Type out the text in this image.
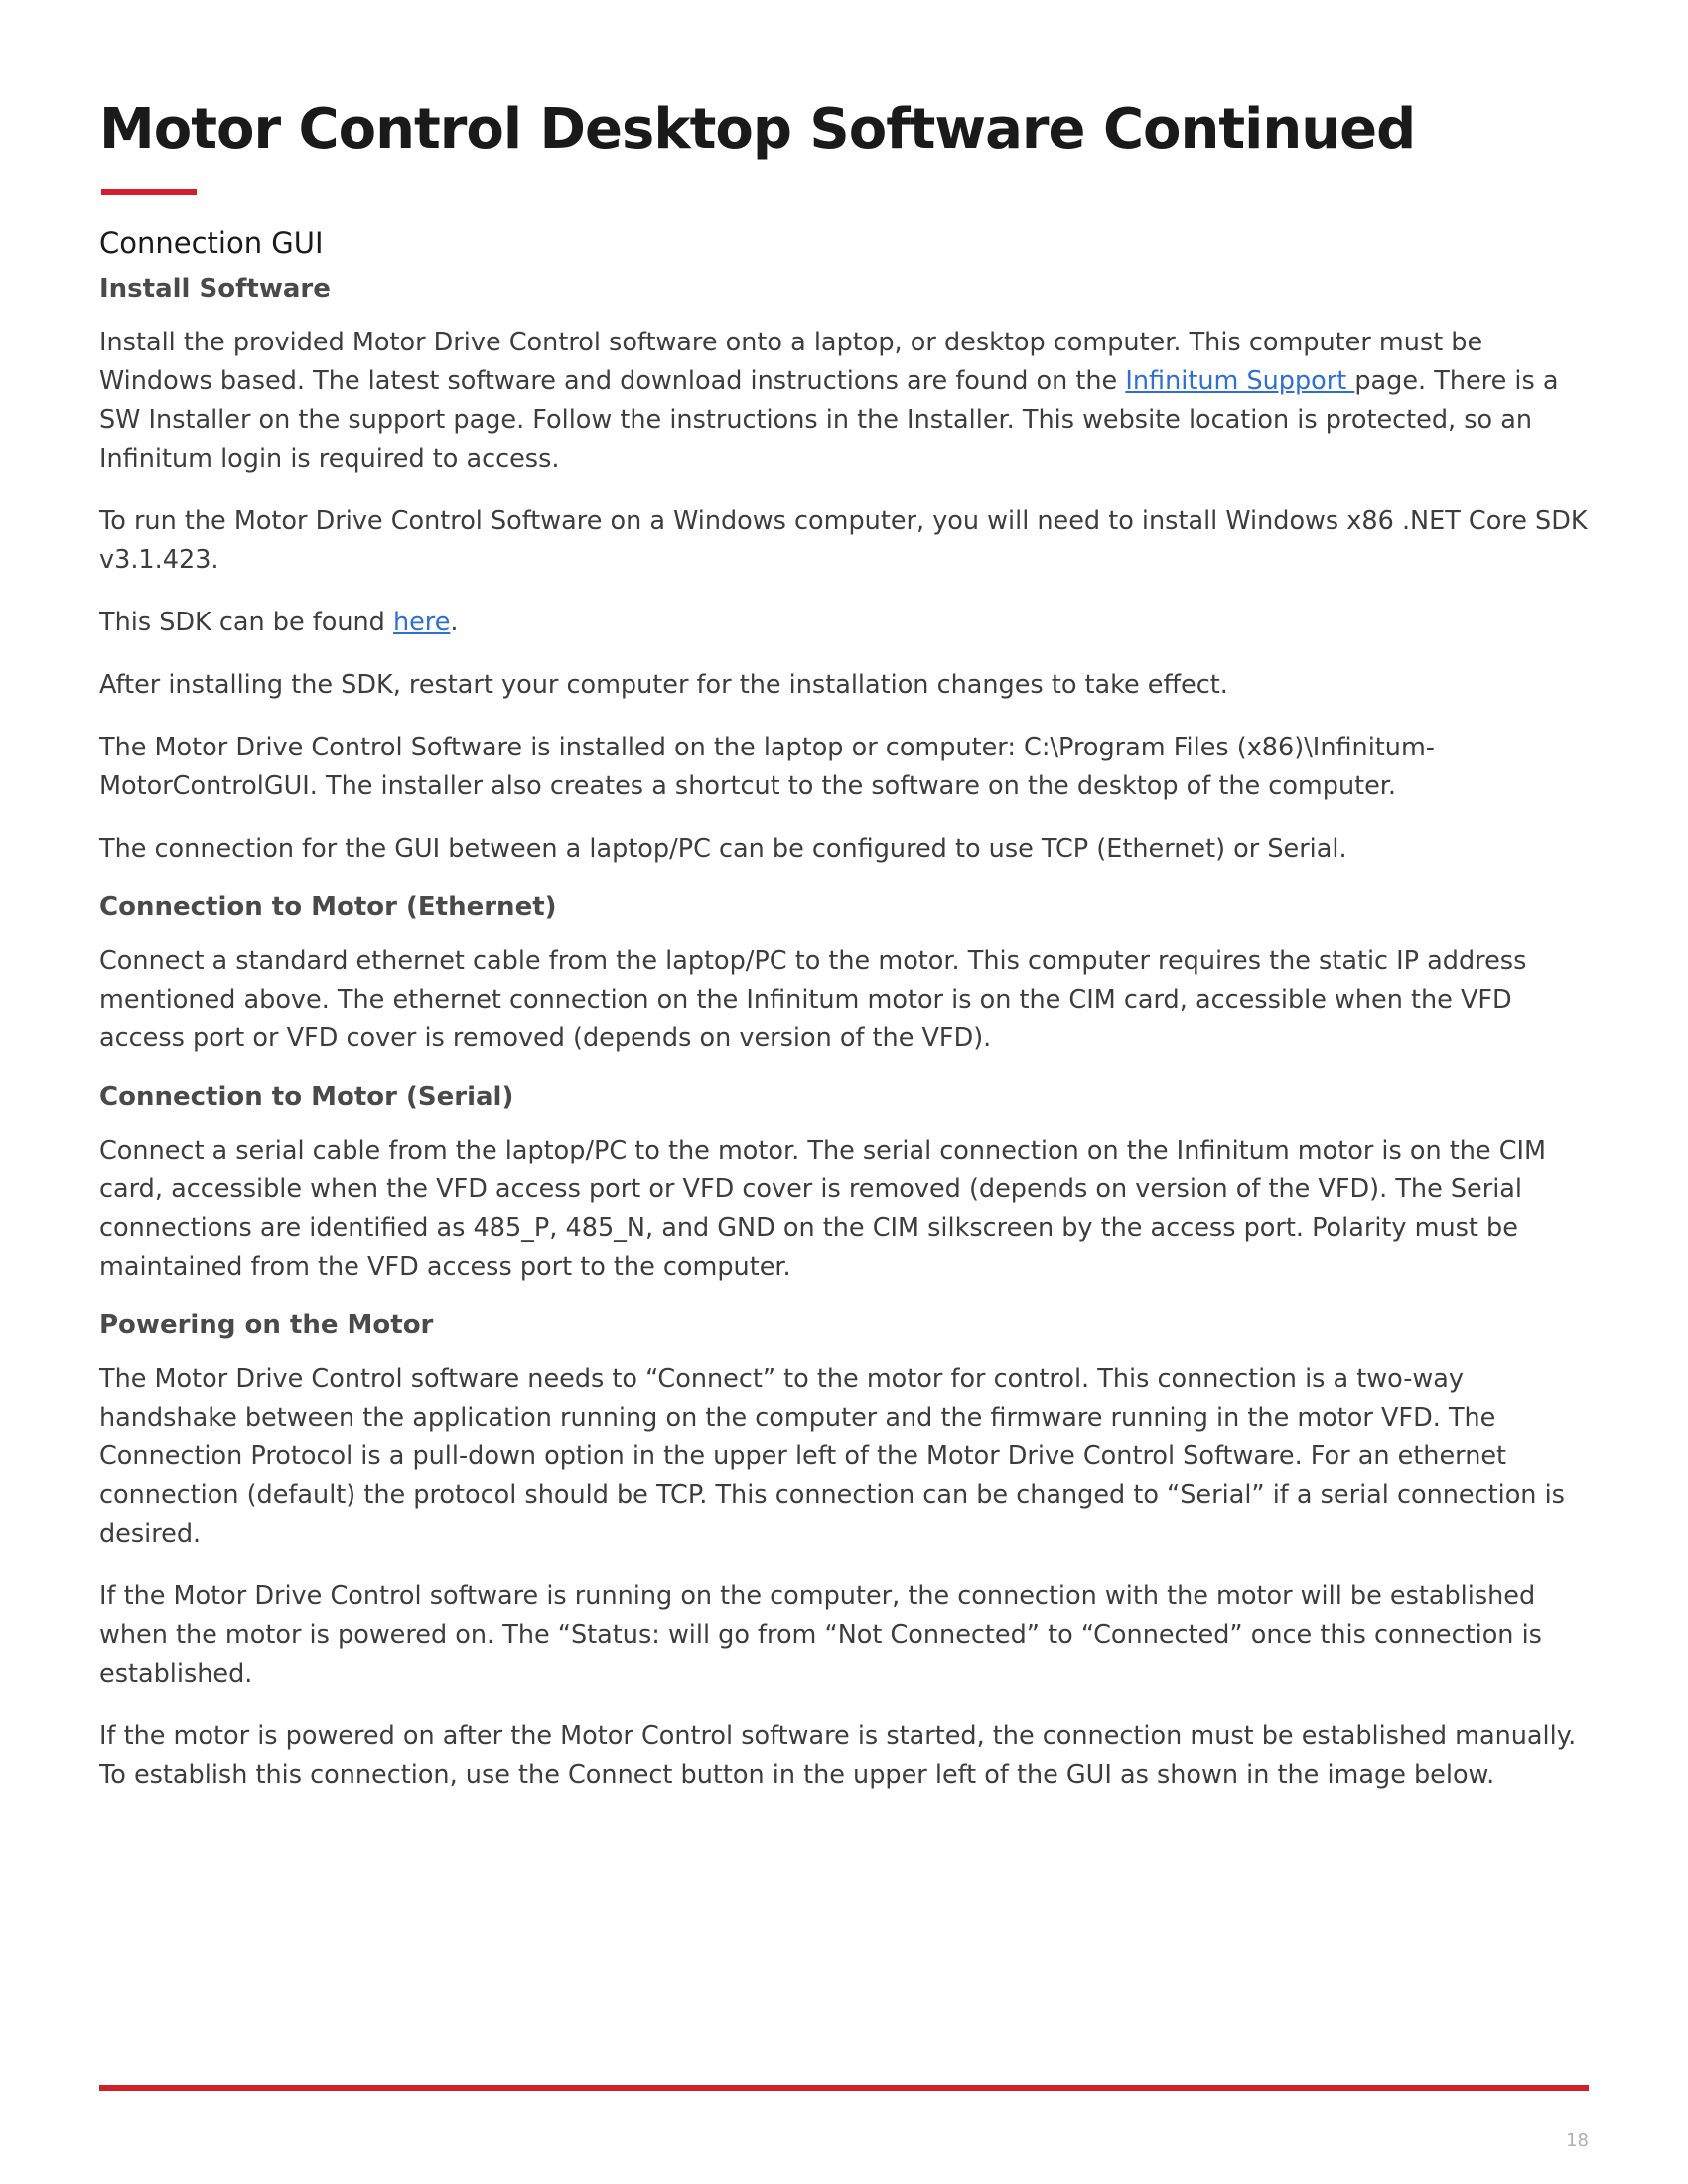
Motor Control Desktop Software Continued
Connection GUI
Install Software

Install the provided Motor Drive Control software onto a laptop, or desktop computer. This computer must be Windows based. The latest software and download instructions are found on the Infinitum Support page. There is a SW Installer on the support page. Follow the instructions in the Installer. This website location is protected, so an Infinitum login is required to access.

To run the Motor Drive Control Software on a Windows computer, you will need to install Windows x86 .NET Core SDK v3.1.423.

This SDK can be found here.

After installing the SDK, restart your computer for the installation changes to take effect.

The Motor Drive Control Software is installed on the laptop or computer: C:\Program Files (x86)\Infinitum-MotorControlGUI. The installer also creates a shortcut to the software on the desktop of the computer.

The connection for the GUI between a laptop/PC can be configured to use TCP (Ethernet) or Serial.

Connection to Motor (Ethernet)

Connect a standard ethernet cable from the laptop/PC to the motor. This computer requires the static IP address mentioned above. The ethernet connection on the Infinitum motor is on the CIM card, accessible when the VFD access port or VFD cover is removed (depends on version of the VFD).

Connection to Motor (Serial)

Connect a serial cable from the laptop/PC to the motor. The serial connection on the Infinitum motor is on the CIM card, accessible when the VFD access port or VFD cover is removed (depends on version of the VFD). The Serial connections are identified as 485_P, 485_N, and GND on the CIM silkscreen by the access port. Polarity must be maintained from the VFD access port to the computer.

Powering on the Motor

The Motor Drive Control software needs to “Connect” to the motor for control. This connection is a two-way handshake between the application running on the computer and the firmware running in the motor VFD. The Connection Protocol is a pull-down option in the upper left of the Motor Drive Control Software. For an ethernet connection (default) the protocol should be TCP. This connection can be changed to “Serial” if a serial connection is desired.

If the Motor Drive Control software is running on the computer, the connection with the motor will be established when the motor is powered on. The “Status: will go from “Not Connected” to “Connected” once this connection is established.

If the motor is powered on after the Motor Control software is started, the connection must be established manually. To establish this connection, use the Connect button in the upper left of the GUI as shown in the image below.

18
